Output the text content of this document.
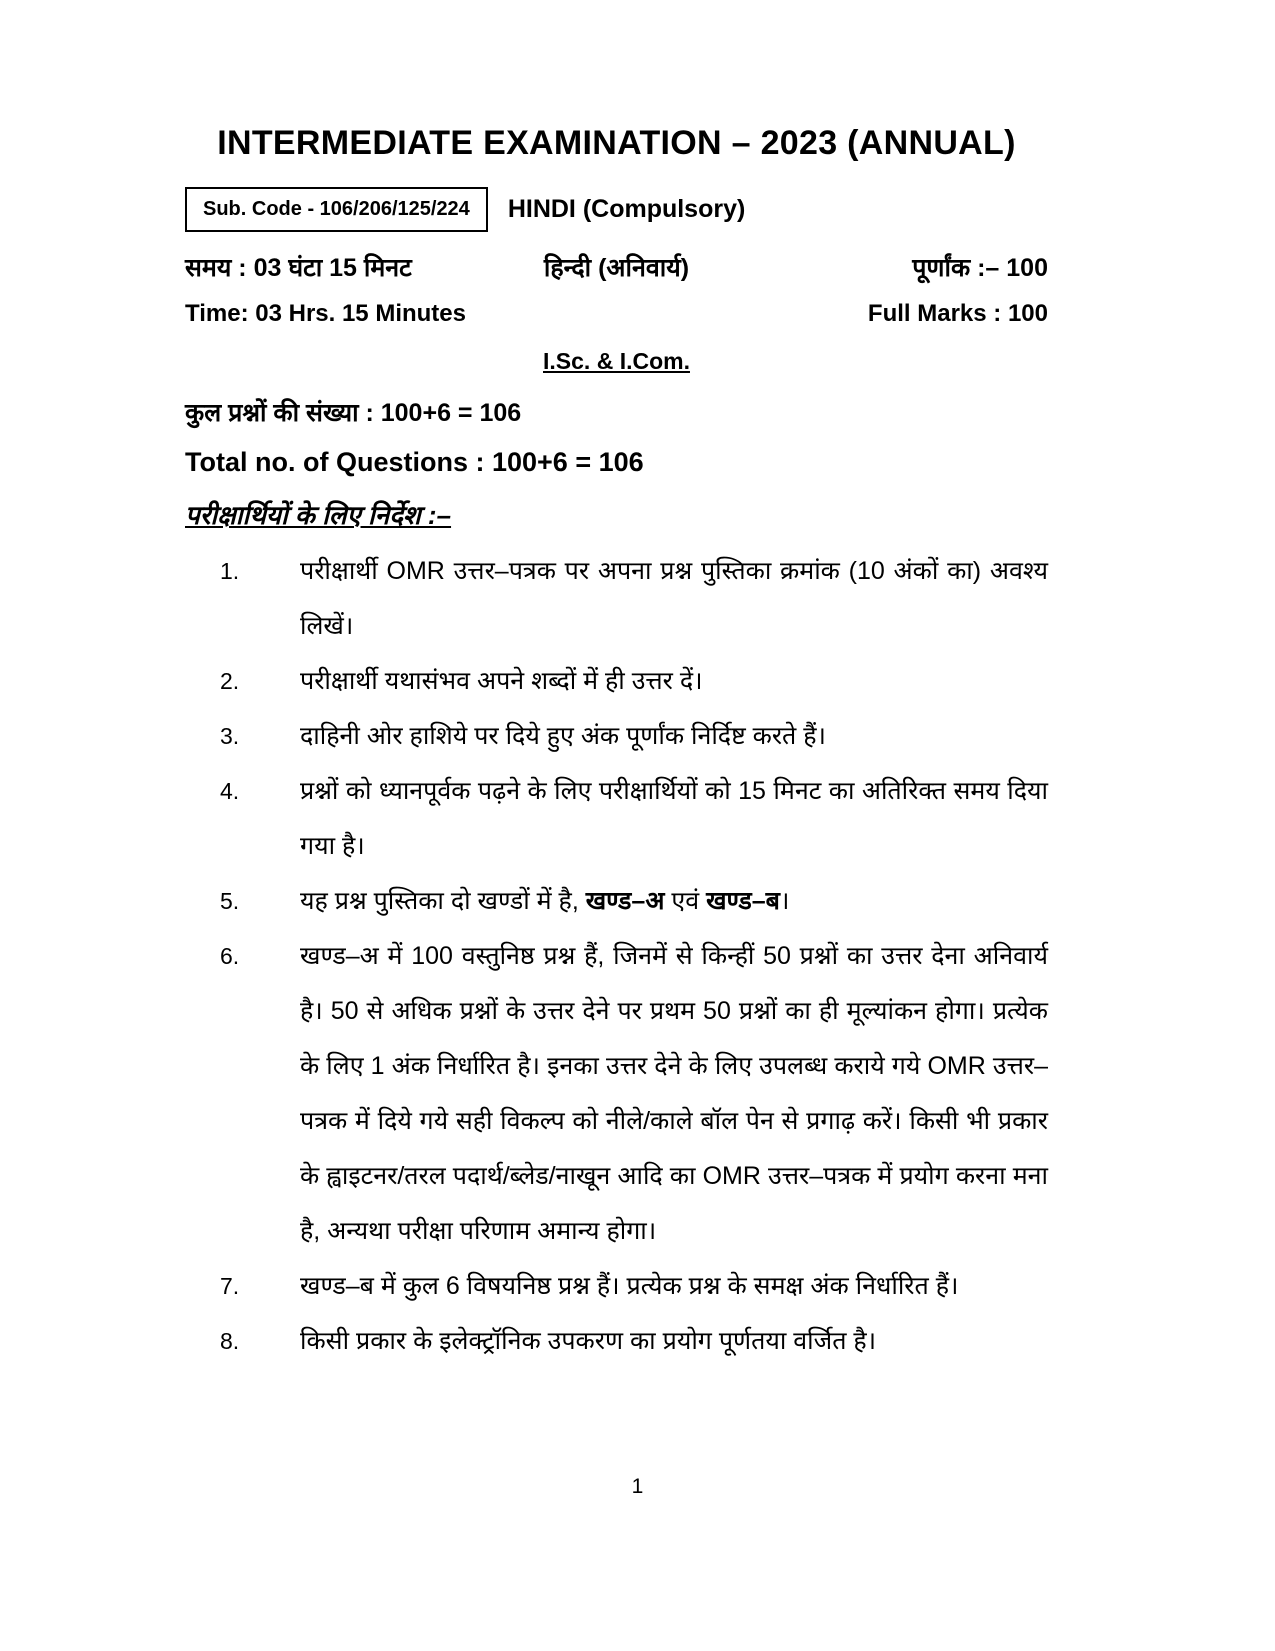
INTERMEDIATE EXAMINATION – 2023 (ANNUAL)
Sub. Code - 106/206/125/224	HINDI (Compulsory)
समय : 03 घंटा 15 मिनट	हिन्दी (अनिवार्य)	पूर्णांक :– 100
Time: 03 Hrs. 15 Minutes	Full Marks : 100
I.Sc. & I.Com.
कुल प्रश्नों की संख्या : 100+6 = 106
Total no. of Questions : 100+6 = 106
परीक्षार्थियों के लिए निर्देश :–
1.	परीक्षार्थी OMR उत्तर–पत्रक पर अपना प्रश्न पुस्तिका क्रमांक (10 अंकों का) अवश्य लिखें।
2.	परीक्षार्थी यथासंभव अपने शब्दों में ही उत्तर दें।
3.	दाहिनी ओर हाशिये पर दिये हुए अंक पूर्णांक निर्दिष्ट करते हैं।
4.	प्रश्नों को ध्यानपूर्वक पढ़ने के लिए परीक्षार्थियों को 15 मिनट का अतिरिक्त समय दिया गया है।
5.	यह प्रश्न पुस्तिका दो खण्डों में है, खण्ड–अ एवं खण्ड–ब।
6.	खण्ड–अ में 100 वस्तुनिष्ठ प्रश्न हैं, जिनमें से किन्हीं 50 प्रश्नों का उत्तर देना अनिवार्य है। 50 से अधिक प्रश्नों के उत्तर देने पर प्रथम 50 प्रश्नों का ही मूल्यांकन होगा। प्रत्येक के लिए 1 अंक निर्धारित है। इनका उत्तर देने के लिए उपलब्ध कराये गये OMR उत्तर–पत्रक में दिये गये सही विकल्प को नीले/काले बॉल पेन से प्रगाढ़ करें। किसी भी प्रकार के ह्वाइटनर/तरल पदार्थ/ब्लेड/नाखून आदि का OMR उत्तर–पत्रक में प्रयोग करना मना है, अन्यथा परीक्षा परिणाम अमान्य होगा।
7.	खण्ड–ब में कुल 6 विषयनिष्ठ प्रश्न हैं। प्रत्येक प्रश्न के समक्ष अंक निर्धारित हैं।
8.	किसी प्रकार के इलेक्ट्रॉनिक उपकरण का प्रयोग पूर्णतया वर्जित है।
1
